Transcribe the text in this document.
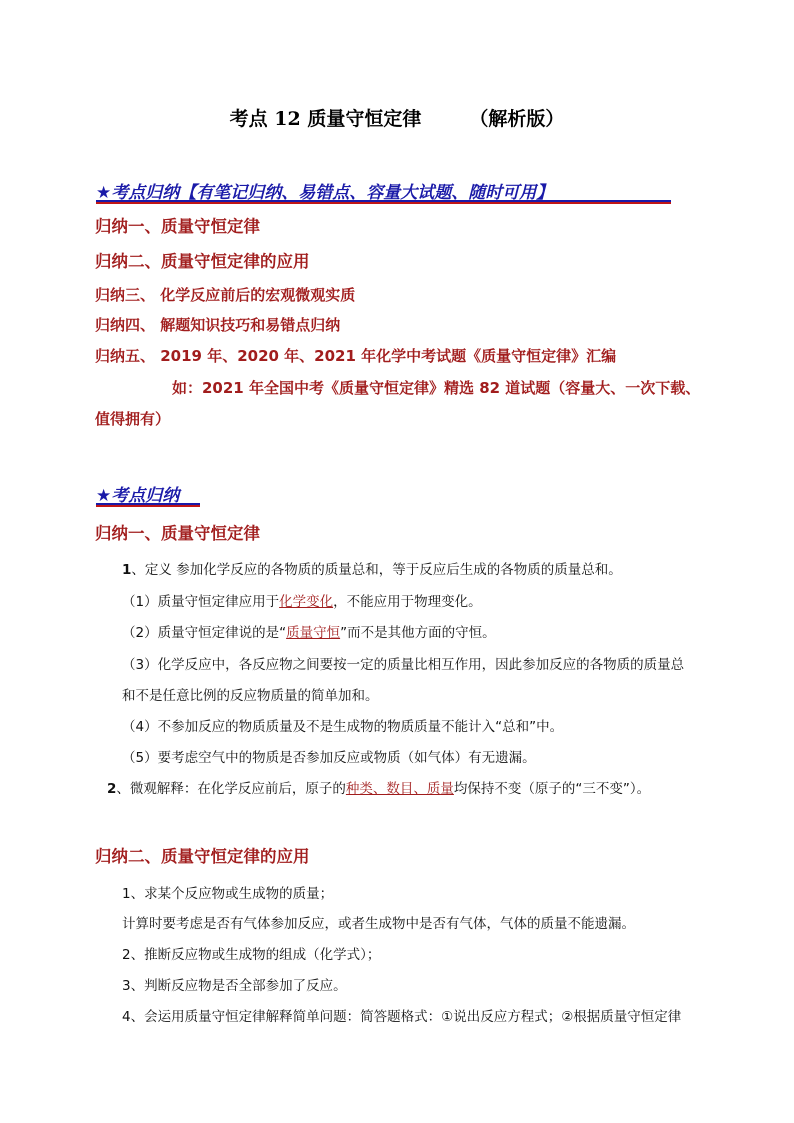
考点 12 质量守恒定律	（解析版）
★考点归纳【有笔记归纳、易错点、容量大试题、随时可用】
归纳一、质量守恒定律
归纳二、质量守恒定律的应用
归纳三、 化学反应前后的宏观微观实质
归纳四、 解题知识技巧和易错点归纳
归纳五、 2019 年、2020 年、2021 年化学中考试题《质量守恒定律》汇编
如：2021 年全国中考《质量守恒定律》精选 82 道试题（容量大、一次下载、
值得拥有）
★考点归纳
归纳一、质量守恒定律
1、定义 参加化学反应的各物质的质量总和，等于反应后生成的各物质的质量总和。
（1）质量守恒定律应用于化学变化，不能应用于物理变化。
（2）质量守恒定律说的是“质量守恒”而不是其他方面的守恒。
（3）化学反应中，各反应物之间要按一定的质量比相互作用，因此参加反应的各物质的质量总
和不是任意比例的反应物质量的简单加和。
（4）不参加反应的物质质量及不是生成物的物质质量不能计入“总和”中。
（5）要考虑空气中的物质是否参加反应或物质（如气体）有无遗漏。
2、微观解释：在化学反应前后，原子的种类、数目、质量均保持不变（原子的“三不变”）。
归纳二、质量守恒定律的应用
1、求某个反应物或生成物的质量；
计算时要考虑是否有气体参加反应，或者生成物中是否有气体，气体的质量不能遗漏。
2、推断反应物或生成物的组成（化学式）；
3、判断反应物是否全部参加了反应。
4、会运用质量守恒定律解释简单问题：简答题格式：①说出反应方程式；②根据质量守恒定律
